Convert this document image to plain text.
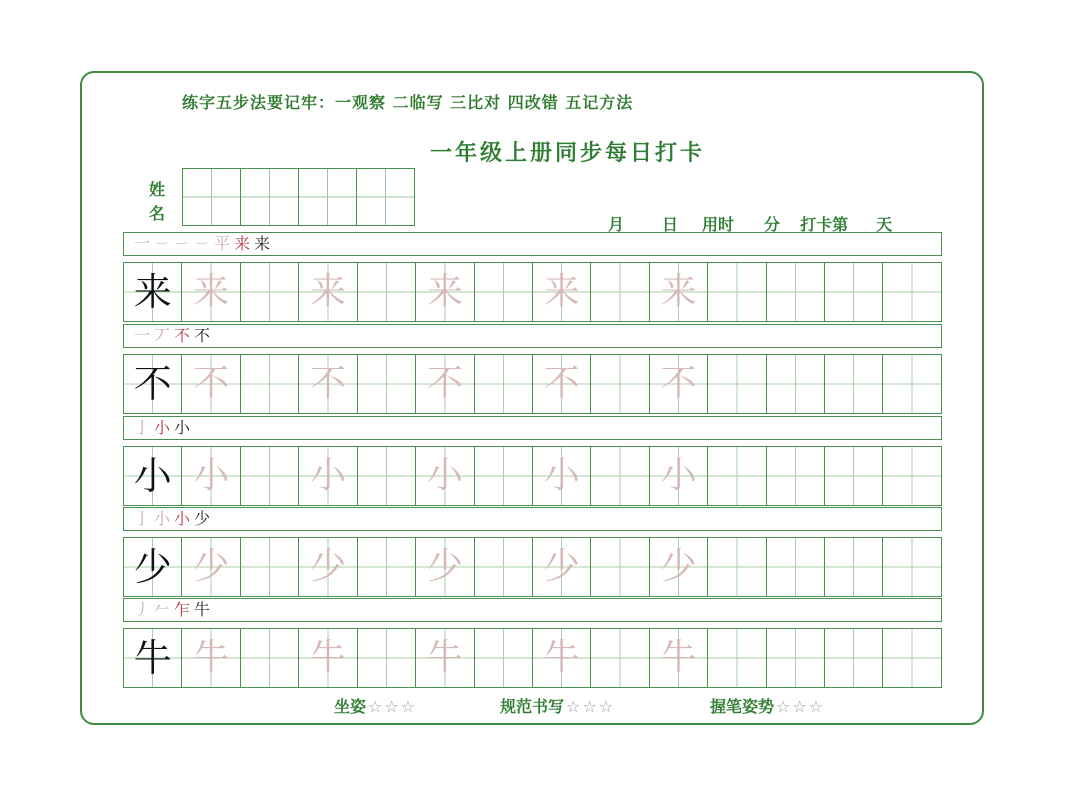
练字五步法要记牢：一观察 二临写 三比对 四改错 五记方法
一年级上册同步每日打卡
姓
名
月 日 用时 分 打卡第 天
一 ㄧ ㄧ ㄧ 平 来 来
来 来 来 来 来 来
一 丆 不 不
不 不 不 不 不 不
亅 小 小
小 小 小 小 小 小
亅 小 小 少
少 少 少 少 少 少
丿 𠂉 乍 牛
牛 牛 牛 牛 牛 牛
坐姿 ☆☆☆	规范书写 ☆☆☆	握笔姿势 ☆☆☆
